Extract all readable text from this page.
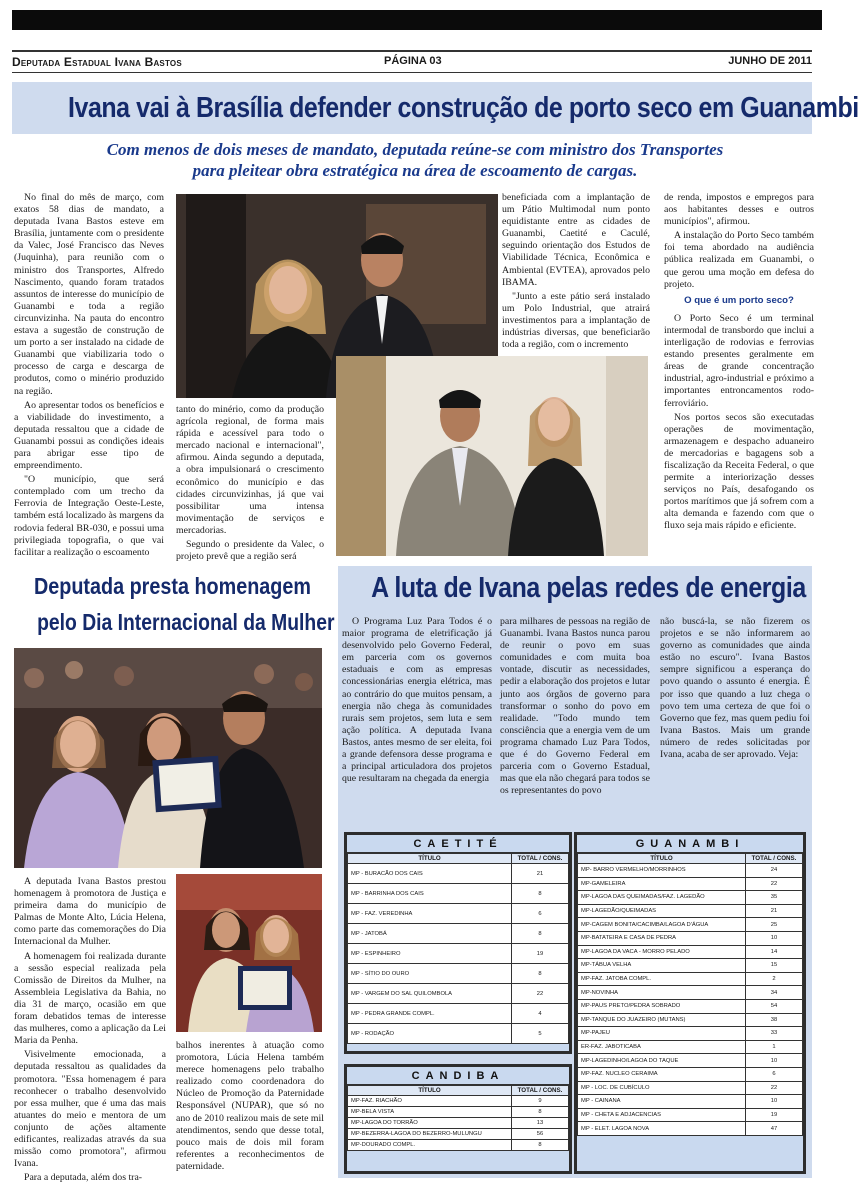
Deputada Estadual Ivana Bastos	PÁGINA 03	JUNHO DE 2011
Ivana vai à Brasília defender construção de porto seco em Guanambi
Com menos de dois meses de mandato, deputada reúne-se com ministro dos Transportes
para pleitear obra estratégica na área de escoamento de cargas.

No final do mês de março, com exatos 58 dias de mandato, a deputada Ivana Bastos esteve em Brasília, juntamente com o presidente da Valec, José Francisco das Neves (Juquinha), para reunião com o ministro dos Transportes, Alfredo Nascimento, quando foram tratados assuntos de interesse do município de Guanambi e toda a região circunvizinha. Na pauta do encontro estava a sugestão de construção de um porto a ser instalado na cidade de Guanambi que viabilizaria todo o processo de carga e descarga de produtos, como o minério produzido na região.

Ao apresentar todos os benefícios e a viabilidade do investimento, a deputada ressaltou que a cidade de Guanambi possui as condições ideais para abrigar esse tipo de empreendimento.

"O município, que será contemplado com um trecho da Ferrovia de Integração Oeste-Leste, também está localizado às margens da rodovia federal BR-030, e possui uma privilegiada topografia, o que vai facilitar a realização o escoamento

tanto do minério, como da produção agrícola regional, de forma mais rápida e acessível para todo o mercado nacional e internacional", afirmou. Ainda segundo a deputada, a obra impulsionará o crescimento econômico do município e das cidades circunvizinhas, já que vai possibilitar uma intensa movimentação de serviços e mercadorias.

Segundo o presidente da Valec, o projeto prevê que a região será

beneficiada com a implantação de um Pátio Multimodal num ponto equidistante entre as cidades de Guanambi, Caetité e Caculé, seguindo orientação dos Estudos de Viabilidade Técnica, Econômica e Ambiental (EVTEA), aprovados pelo IBAMA.

"Junto a este pátio será instalado um Polo Industrial, que atrairá investimentos para a implantação de indústrias diversas, que beneficiarão toda a região, com o incremento

de renda, impostos e empregos para aos habitantes desses e outros municípios", afirmou.

A instalação do Porto Seco também foi tema abordado na audiência pública realizada em Guanambi, o que gerou uma moção em defesa do projeto.

O que é um porto seco?

O Porto Seco é um terminal intermodal de transbordo que inclui a interligação de rodovias e ferrovias estando presentes geralmente em áreas de grande concentração industrial, agro-industrial e próximo a importantes entroncamentos rodo-ferroviário.

Nos portos secos são executadas operações de movimentação, armazenagem e despacho aduaneiro de mercadorias e bagagens sob a fiscalização da Receita Federal, o que permite a interiorização desses serviços no País, desafogando os portos marítimos que já sofrem com a alta demanda e fazendo com que o fluxo seja mais rápido e eficiente.

Deputada presta homenagem
pelo Dia Internacional da Mulher

A deputada Ivana Bastos prestou homenagem à promotora de Justiça e primeira dama do município de Palmas de Monte Alto, Lúcia Helena, como parte das comemorações do Dia Internacional da Mulher.

A homenagem foi realizada durante a sessão especial realizada pela Comissão de Direitos da Mulher, na Assembleia Legislativa da Bahia, no dia 31 de março, ocasião em que foram debatidos temas de interesse das mulheres, como a aplicação da Lei Maria da Penha.

Visivelmente emocionada, a deputada ressaltou as qualidades da promotora. "Essa homenagem é para reconhecer o trabalho desenvolvido por essa mulher, que é uma das mais atuantes do meio e mentora de um conjunto de ações altamente edificantes, realizadas através da sua missão como promotora", afirmou Ivana.

Para a deputada, além dos tra-

balhos inerentes à atuação como promotora, Lúcia Helena também merece homenagens pelo trabalho realizado como coordenadora do Núcleo de Promoção da Paternidade Responsável (NUPAR), que só no ano de 2010 realizou mais de sete mil atendimentos, sendo que desse total, pouco mais de dois mil foram referentes a reconhecimentos de paternidade.

A luta de Ivana pelas redes de energia

O Programa Luz Para Todos é o maior programa de eletrificação já desenvolvido pelo Governo Federal, em parceria com os governos estaduais e com as empresas concessionárias energia elétrica, mas ao contrário do que muitos pensam, a energia não chega às comunidades rurais sem projetos, sem luta e sem ação política. A deputada Ivana Bastos, antes mesmo de ser eleita, foi a grande defensora desse programa e a principal articuladora dos projetos que resultaram na chegada da energia

para milhares de pessoas na região de Guanambi. Ivana Bastos nunca parou de reunir o povo em suas comunidades e com muita boa vontade, discutir as necessidades, pedir a elaboração dos projetos e lutar junto aos órgãos de governo para transformar o sonho do povo em realidade. "Todo mundo tem consciência que a energia vem de um programa chamado Luz Para Todos, que é do Governo Federal em parceria com o Governo Estadual, mas que ela não chegará para todos se os representantes do povo

não buscá-la, se não fizerem os projetos e se não informarem ao governo as comunidades que ainda estão no escuro". Ivana Bastos sempre significou a esperança do povo quando o assunto é energia. É por isso que quando a luz chega o povo tem uma certeza de que foi o Governo que fez, mas quem pediu foi Ivana Bastos. Mais um grande número de redes solicitadas por Ivana, acaba de ser aprovado. Veja:

CAETITÉ
TÍTULO	TOTAL / CONS.
MP - BURACÃO DOS CAIS	21
MP - BARRINHA DOS CAIS	8
MP - FAZ. VEREDINHA	6
MP - JATOBÁ	8
MP - ESPINHEIRO	19
MP - SÍTIO DO OURO	8
MP - VARGEM DO SAL QUILOMBOLA	22
MP - PEDRA GRANDE COMPL.	4
MP - RODAÇÃO	5
CANDIBA
TÍTULO	TOTAL / CONS.
MP-FAZ. RIACHÃO	9
MP-BELA VISTA	8
MP-LAGOA DO TORRÃO	13
MP-BEZERRA-LAGOA DO BEZERRO-MULUNGU	56
MP-DOURADO COMPL.	8
GUANAMBI
TÍTULO	TOTAL / CONS.
MP- BARRO VERMELHO/MORRINHOS	24
MP-GAMELEIRA	22
MP-LAGOA DAS QUEIMADAS/FAZ. LAGEDÃO	35
MP-LAGEDÃO/QUEIMADAS	21
MP-CAGEM BONITA/CACIMBA/LAGOA D'ÁGUA	25
MP-BATATEIRA E CASA DE PEDRA	10
MP-LAGOA DA VACA - MORRO PELADO	14
MP-TÁBUA VELHA	15
MP-FAZ. JATOBA COMPL.	2
MP-NOVINHA	34
MP-PAUS PRETO/PEDRA SOBRADO	54
MP-TANQUE DO JUAZEIRO (MUTANS)	38
MP-PAJEU	33
ER-FAZ. JABOTICABA	1
MP-LAGEDINHO/LAGOA DO TAQUE	10
MP-FAZ. NUCLEO CERAIMA	6
MP - LOC. DE CUBÍCULO	22
MP - CAINANA	10
MP - CHETA E ADJACENCIAS	19
MP - ELET. LAGOA NOVA	47
